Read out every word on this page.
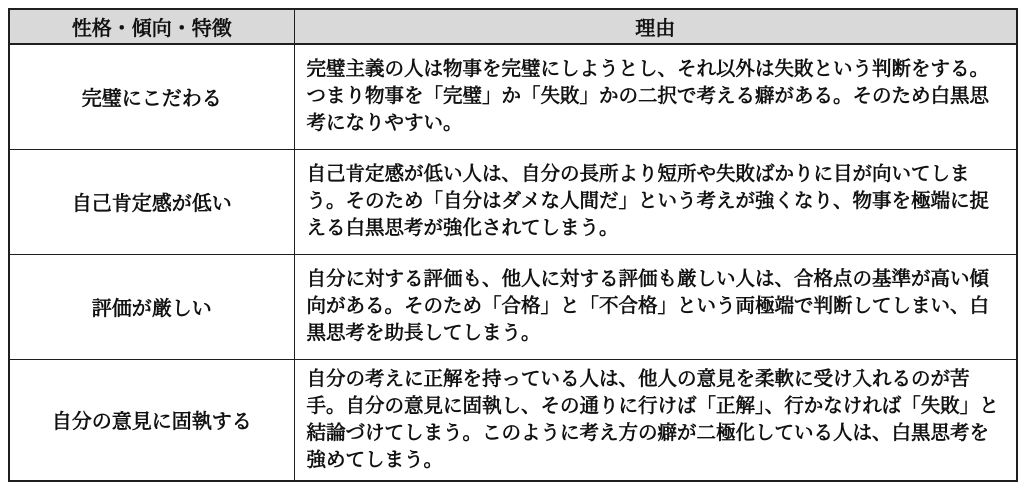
性格・傾向・特徴	理由
完璧にこだわる	完璧主義の人は物事を完璧にしようとし、それ以外は失敗という判断をする。つまり物事を「完璧」か「失敗」かの二択で考える癖がある。そのため白黒思考になりやすい。
自己肯定感が低い	自己肯定感が低い人は、自分の長所より短所や失敗ばかりに目が向いてしまう。そのため「自分はダメな人間だ」という考えが強くなり、物事を極端に捉える白黒思考が強化されてしまう。
評価が厳しい	自分に対する評価も、他人に対する評価も厳しい人は、合格点の基準が高い傾向がある。そのため「合格」と「不合格」という両極端で判断してしまい、白黒思考を助長してしまう。
自分の意見に固執する	自分の考えに正解を持っている人は、他人の意見を柔軟に受け入れるのが苦手。自分の意見に固執し、その通りに行けば「正解」、行かなければ「失敗」と結論づけてしまう。このように考え方の癖が二極化している人は、白黒思考を強めてしまう。
